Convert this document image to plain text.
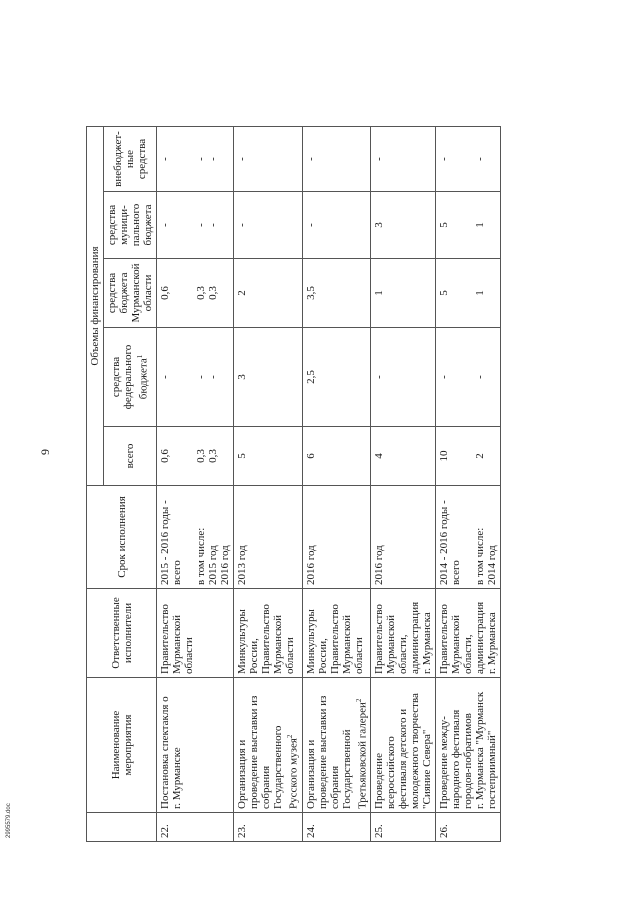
9
	Наименование мероприятия	Ответственные исполнители	Срок исполнения	Объемы финансирования				
				всего	средства федерального бюджета$^1$	средства бюджета Мурманской области	средства муници-пального бюджета	внебюджет-ные средства
22.	Постановка спектакля о г. Мурманске	Правительство Мурманской области	2015 - 2016 годы - всего в том числе: 2015 год 2016 год	0,6 0,3 0,3	- - -	0,6 0,3 0,3	- - -	- - -

23.	Организация и проведение выставки из собрания Государственного Русского музея$^2$	Минкультуры России, Правительство Мурманской области	2013 год	5	3	2	-	-

24.	Организация и проведение выставки из собрания Государственной Третьяковской галереи$^2$	Минкультуры России, Правительство Мурманской области	2016 год	6	2,5	3,5	-	-

25.	Проведение всероссийского фестиваля детского и молодежного творчества "Сияние Севера"	Правительство Мурманской области, администрация г. Мурманска	2016 год	4	-	1	3	-

26.	Проведение между- народного фестиваля городов-побратимов г. Мурманска "Мурманск гостеприимный"	Правительство Мурманской области, администрация г. Мурманска	2014 - 2016 годы - всего в том числе: 2014 год	10 2	- -	5 1	5 1	- -
2995579.doc
